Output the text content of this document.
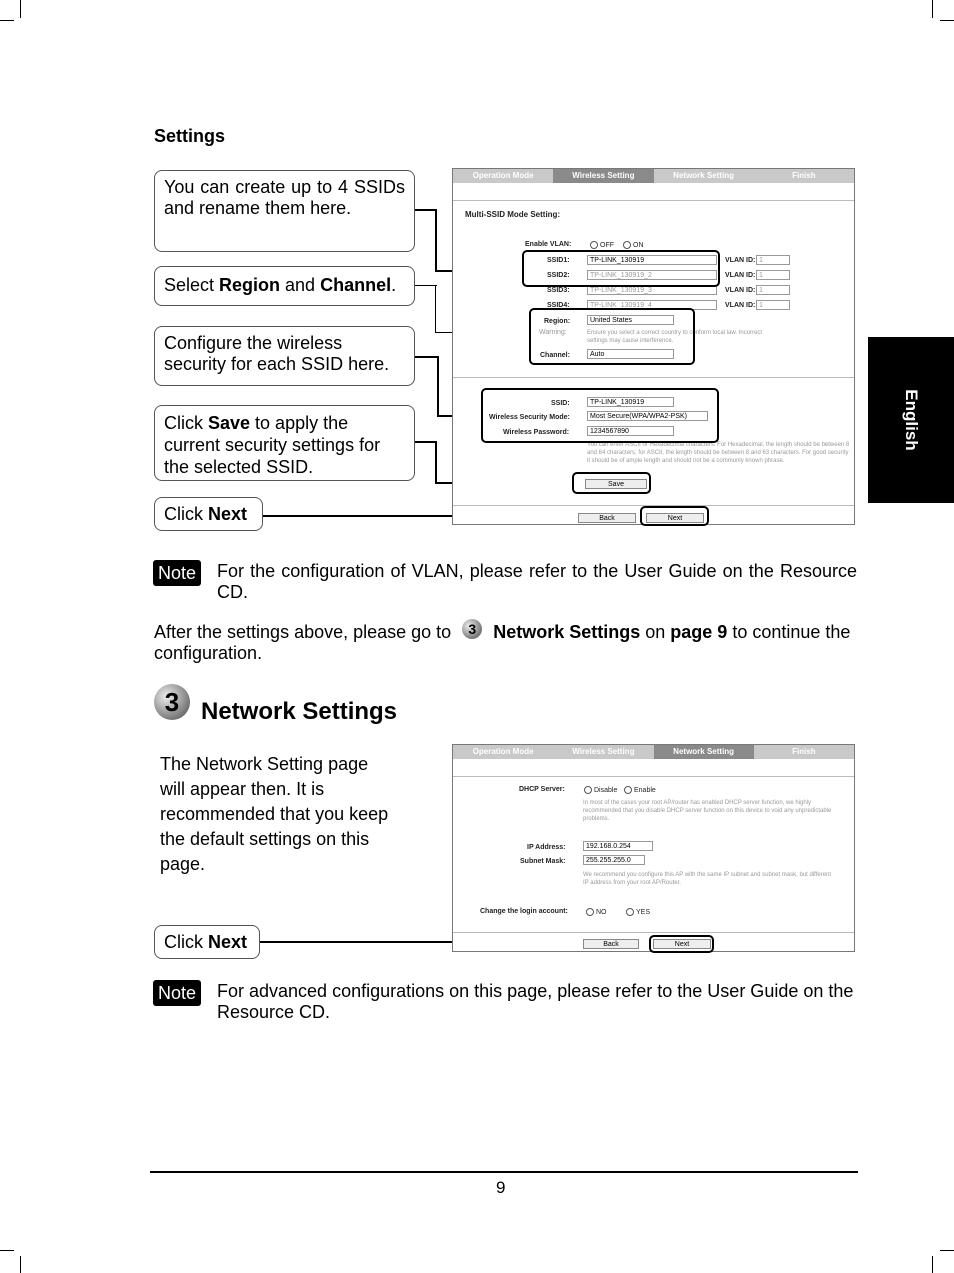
English
Settings
You can create up to 4 SSIDs and rename them here.
Select Region and Channel.
Configure the wireless security for each SSID here.
Click Save to apply the current security settings for the selected SSID.
Click Next
Operation Mode	Wireless Setting	Network Setting	Finish
Multi-SSID Mode Setting:
Enable VLAN:	OFF	ON
SSID1:	TP-LINK_130919	VLAN ID: 1
SSID2:	TP-LINK_130919_2	VLAN ID: 1
SSID3:	TP-LINK_130919_3	VLAN ID: 1
SSID4:	TP-LINK_130919_4	VLAN ID: 1
Region:	United States
Warning:	Ensure you select a correct country to conform local law. Incorrect settings may cause interference.
Channel:	Auto
SSID:	TP-LINK_130919
Wireless Security Mode:	Most Secure(WPA/WPA2-PSK)
Wireless Password:	1234567890
You can enter ASCII or Hexadecimal characters. For Hexadecimal, the length should be between 8 and 64 characters; for ASCII, the length should be between 8 and 63 characters. For good security it should be of ample length and should not be a commonly known phrase.
Save
Back	Next
Note For the configuration of VLAN, please refer to the User Guide on the Resource CD.
After the settings above, please go to 3 Network Settings on page 9 to continue the configuration.
3 Network Settings
The Network Setting page will appear then. It is recommended that you keep the default settings on this page.
Click Next
Operation Mode	Wireless Setting	Network Setting	Finish
DHCP Server:	Disable	Enable
In most of the cases your root AP/router has enabled DHCP server function, we highly recommended that you disable DHCP server function on this device to void any unpredictable problems.
IP Address:	192.168.0.254
Subnet Mask:	255.255.255.0
We recommend you configure this AP with the same IP subnet and subnet mask, but different IP address from your root AP/Router.
Change the login account:	NO	YES
Back	Next
Note For advanced configurations on this page, please refer to the User Guide on the Resource CD.
9
